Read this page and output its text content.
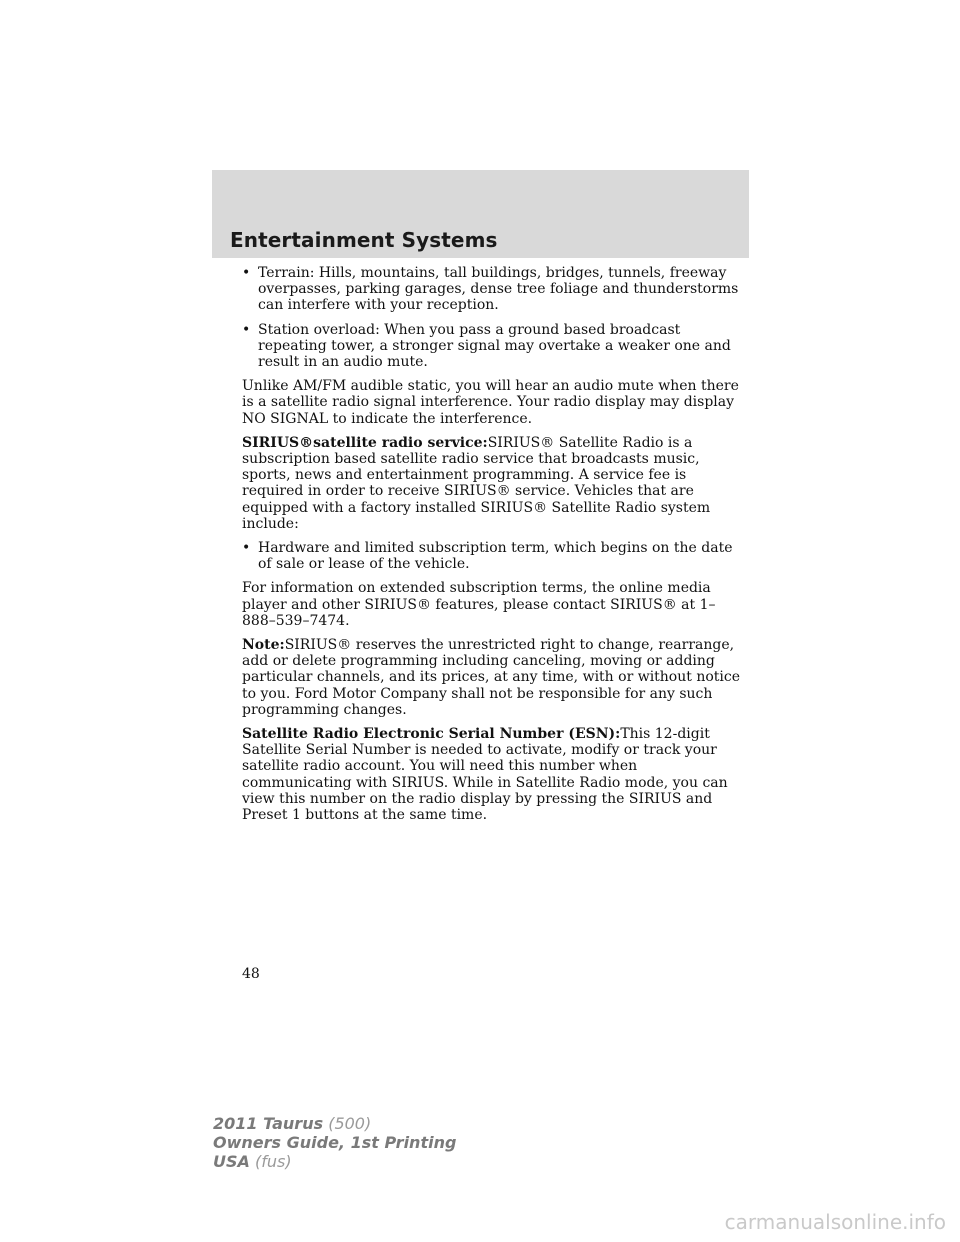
Entertainment Systems
• Terrain: Hills, mountains, tall buildings, bridges, tunnels, freeway overpasses, parking garages, dense tree foliage and thunderstorms can interfere with your reception.
• Station overload: When you pass a ground based broadcast repeating tower, a stronger signal may overtake a weaker one and result in an audio mute.

Unlike AM/FM audible static, you will hear an audio mute when there is a satellite radio signal interference. Your radio display may display NO SIGNAL to indicate the interference.

SIRIUS®satellite radio service:SIRIUS® Satellite Radio is a subscription based satellite radio service that broadcasts music, sports, news and entertainment programming. A service fee is required in order to receive SIRIUS® service. Vehicles that are equipped with a factory installed SIRIUS® Satellite Radio system include:

• Hardware and limited subscription term, which begins on the date of sale or lease of the vehicle.

For information on extended subscription terms, the online media player and other SIRIUS® features, please contact SIRIUS® at 1–888–539–7474.

Note:SIRIUS® reserves the unrestricted right to change, rearrange, add or delete programming including canceling, moving or adding particular channels, and its prices, at any time, with or without notice to you. Ford Motor Company shall not be responsible for any such programming changes.

Satellite Radio Electronic Serial Number (ESN):This 12-digit Satellite Serial Number is needed to activate, modify or track your satellite radio account. You will need this number when communicating with SIRIUS. While in Satellite Radio mode, you can view this number on the radio display by pressing the SIRIUS and Preset 1 buttons at the same time.

48
2011 Taurus (500)
Owners Guide, 1st Printing
USA (fus)
carmanualsonline.info
